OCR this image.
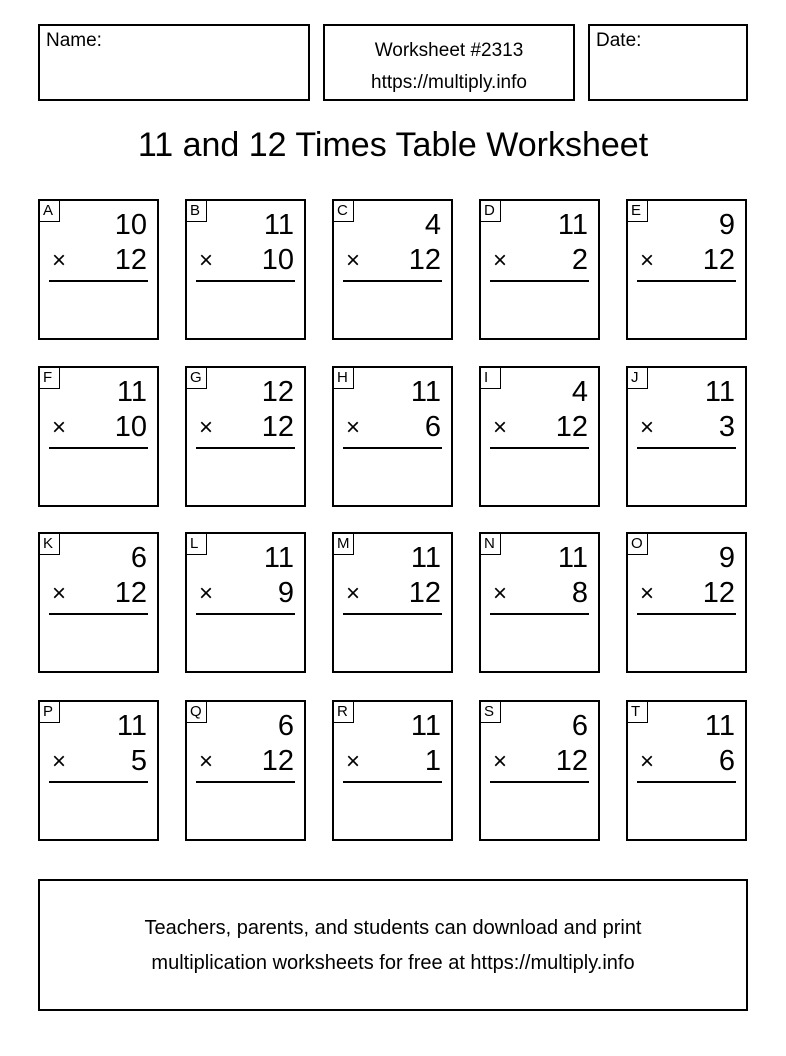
Name:	Worksheet #2313
https://multiply.info
Date:
11 and 12 Times Table Worksheet
A 10
× 12
B 11
× 10
C	4
× 12
D 11
× 2
E	9
× 12
F 11
× 10
G 12
× 12
H 11
× 6
I	4
× 12
J	11
× 3
K	6
× 12
L 11
× 9
M 11
× 12
N 11
× 8
O	9
× 12
P 11
× 5
Q	6
× 12
R 11
× 1
S	6
× 12
T 11
× 6
Teachers, parents, and students can download and print
multiplication worksheets for free at https://multiply.info
